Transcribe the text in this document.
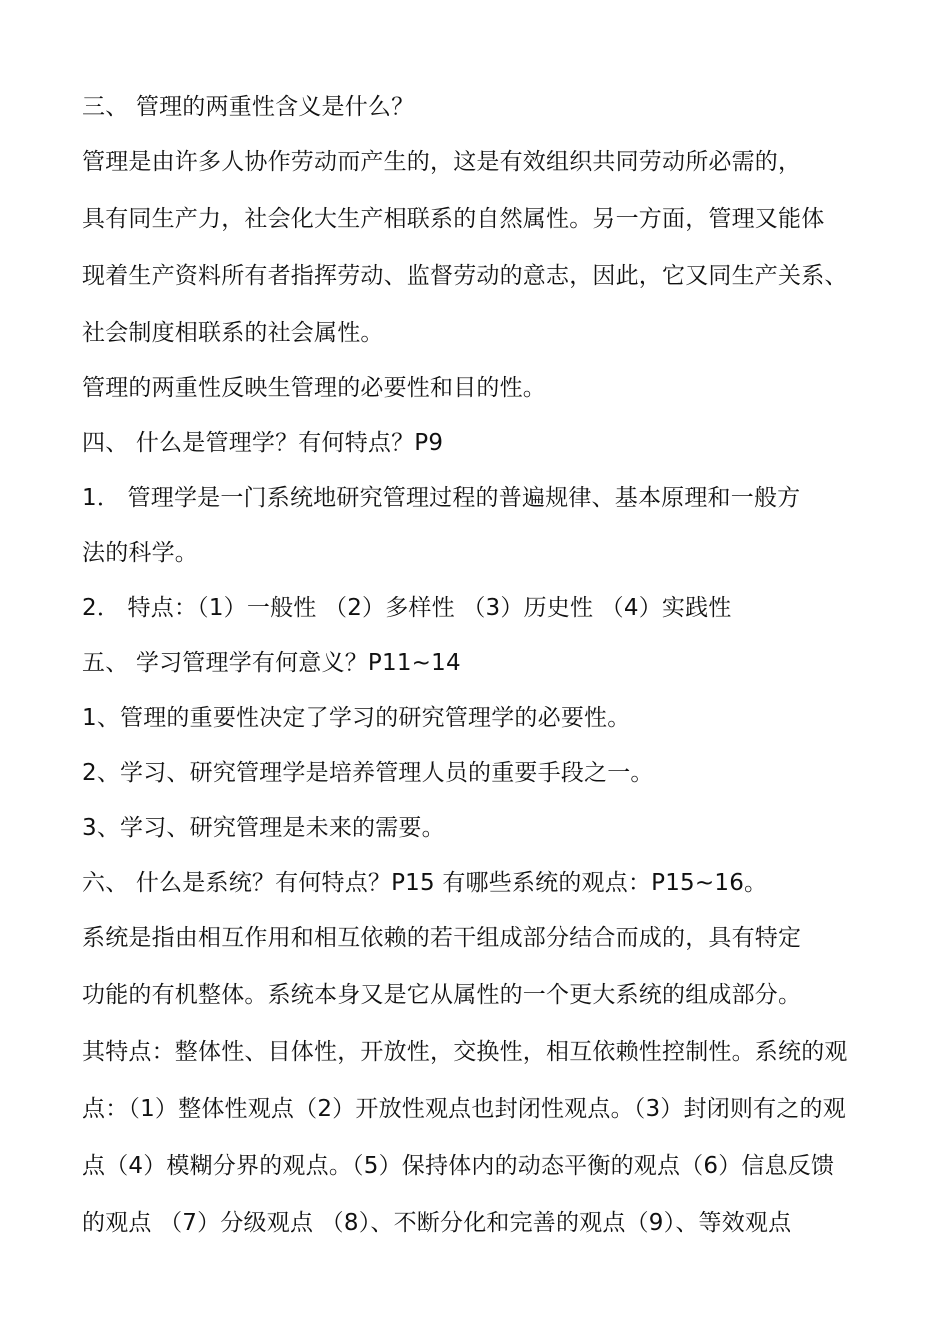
三、 管理的两重性含义是什么？
管理是由许多人协作劳动而产生的，这是有效组织共同劳动所必需的，
具有同生产力，社会化大生产相联系的自然属性。另一方面，管理又能体
现着生产资料所有者指挥劳动、监督劳动的意志，因此，它又同生产关系、
社会制度相联系的社会属性。
管理的两重性反映生管理的必要性和目的性。
四、 什么是管理学？有何特点？P9
1． 管理学是一门系统地研究管理过程的普遍规律、基本原理和一般方
法的科学。
2． 特点：（1）一般性 （2）多样性 （3）历史性 （4）实践性
五、 学习管理学有何意义？P11~14
1、管理的重要性决定了学习的研究管理学的必要性。
2、学习、研究管理学是培养管理人员的重要手段之一。
3、学习、研究管理是未来的需要。
六、 什么是系统？有何特点？P15 有哪些系统的观点：P15~16。
系统是指由相互作用和相互依赖的若干组成部分结合而成的，具有特定
功能的有机整体。系统本身又是它从属性的一个更大系统的组成部分。
其特点：整体性、目体性，开放性，交换性，相互依赖性控制性。系统的观
点：（1）整体性观点（2）开放性观点也封闭性观点。（3）封闭则有之的观
点（4）模糊分界的观点。（5）保持体内的动态平衡的观点（6）信息反馈
的观点 （7）分级观点 （8）、不断分化和完善的观点（9）、等效观点
